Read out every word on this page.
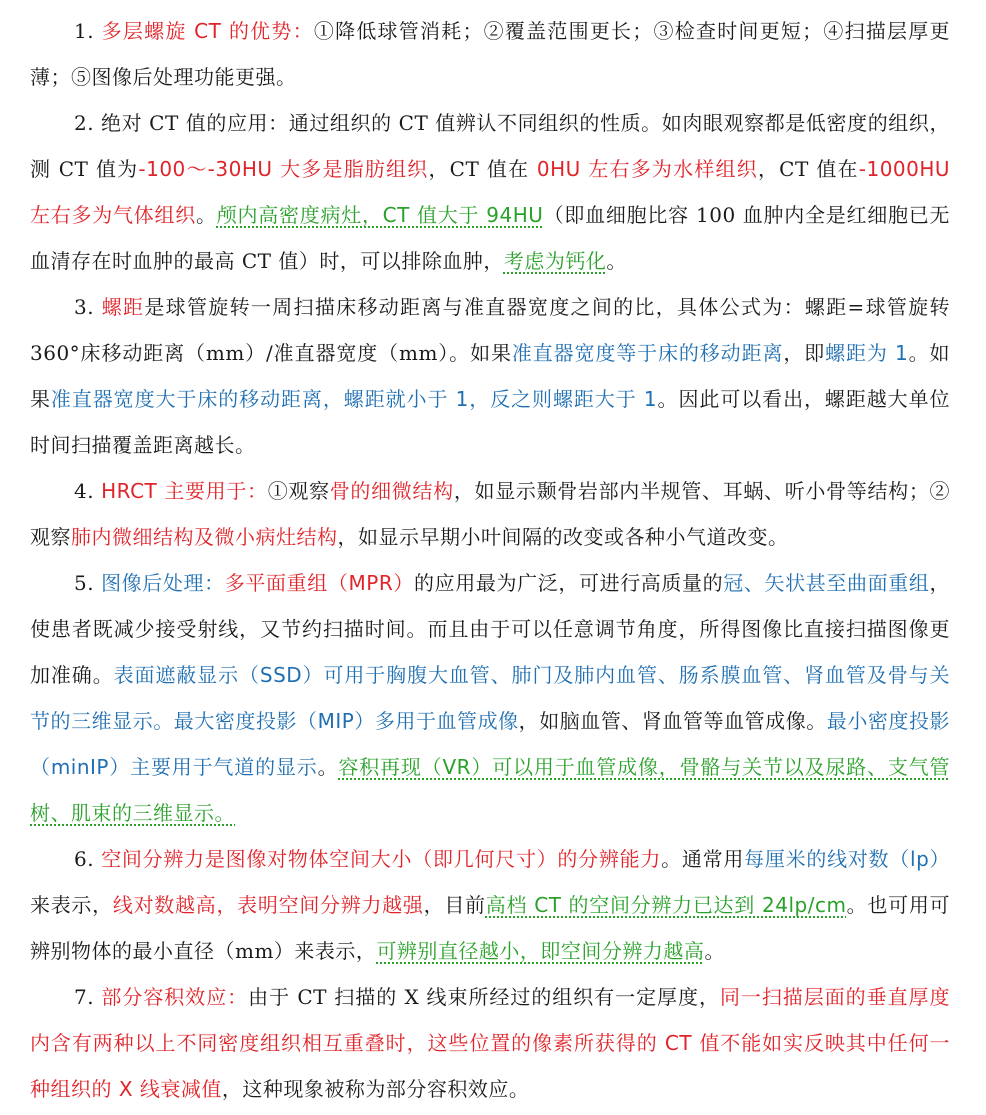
1. 多层螺旋 CT 的优势：①降低球管消耗；②覆盖范围更长；③检查时间更短；④扫描层厚更薄；⑤图像后处理功能更强。

2. 绝对 CT 值的应用：通过组织的 CT 值辨认不同组织的性质。如肉眼观察都是低密度的组织，测 CT 值为-100～-30HU 大多是脂肪组织，CT 值在 0HU 左右多为水样组织，CT 值在-1000HU 左右多为气体组织。颅内高密度病灶，CT 值大于 94HU（即血细胞比容 100 血肿内全是红细胞已无血清存在时血肿的最高 CT 值）时，可以排除血肿，考虑为钙化。

3. 螺距是球管旋转一周扫描床移动距离与准直器宽度之间的比，具体公式为：螺距=球管旋转 360°床移动距离（mm）/准直器宽度（mm）。如果准直器宽度等于床的移动距离，即螺距为 1。如果准直器宽度大于床的移动距离，螺距就小于 1，反之则螺距大于 1。因此可以看出，螺距越大单位时间扫描覆盖距离越长。

4. HRCT 主要用于：①观察骨的细微结构，如显示颞骨岩部内半规管、耳蜗、听小骨等结构；②观察肺内微细结构及微小病灶结构，如显示早期小叶间隔的改变或各种小气道改变。

5. 图像后处理：多平面重组（MPR）的应用最为广泛，可进行高质量的冠、矢状甚至曲面重组，使患者既减少接受射线，又节约扫描时间。而且由于可以任意调节角度，所得图像比直接扫描图像更加准确。表面遮蔽显示（SSD）可用于胸腹大血管、肺门及肺内血管、肠系膜血管、肾血管及骨与关节的三维显示。最大密度投影（MIP）多用于血管成像，如脑血管、肾血管等血管成像。最小密度投影（minIP）主要用于气道的显示。容积再现（VR）可以用于血管成像，骨骼与关节以及尿路、支气管树、肌束的三维显示。

6. 空间分辨力是图像对物体空间大小（即几何尺寸）的分辨能力。通常用每厘米的线对数（lp）来表示，线对数越高，表明空间分辨力越强，目前高档 CT 的空间分辨力已达到 24lp/cm。也可用可辨别物体的最小直径（mm）来表示，可辨别直径越小，即空间分辨力越高。

7. 部分容积效应：由于 CT 扫描的 X 线束所经过的组织有一定厚度，同一扫描层面的垂直厚度内含有两种以上不同密度组织相互重叠时，这些位置的像素所获得的 CT 值不能如实反映其中任何一种组织的 X 线衰减值，这种现象被称为部分容积效应。
